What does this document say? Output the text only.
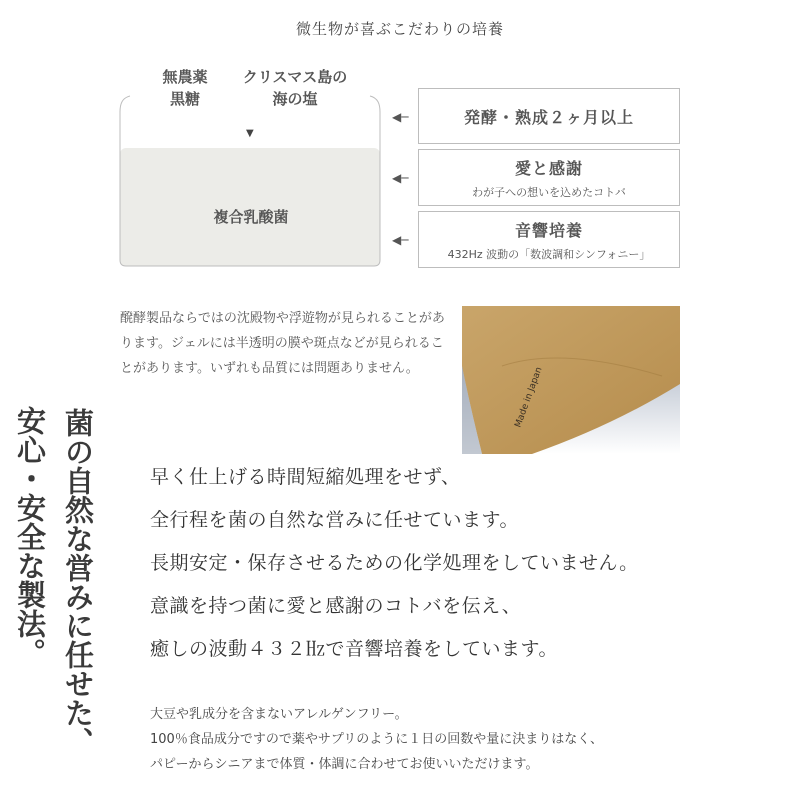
微生物が喜ぶこだわりの培養
無農薬
黒糖
クリスマス島の
海の塩
▼
複合乳酸菌
◀─
◀─
◀─
発酵・熟成２ヶ月以上
愛と感謝
わが子への想いを込めたコトバ
音響培養
432Hz 波動の「数波調和シンフォニー」
醗酵製品ならではの沈殿物や浮遊物が見られることがあります。ジェルには半透明の膜や斑点などが見られることがあります。いずれも品質には問題ありません。	Made in Japan
菌の自然な営みに任せた、
安心・安全な製法。	早く仕上げる時間短縮処理をせず、
全行程を菌の自然な営みに任せています。
長期安定・保存させるための化学処理をしていません。
意識を持つ菌に愛と感謝のコトバを伝え、
癒しの波動４３２㎐で音響培養をしています。
大豆や乳成分を含まないアレルゲンフリー。
100％食品成分ですので薬やサプリのように１日の回数や量に決まりはなく、
パピーからシニアまで体質・体調に合わせてお使いいただけます。
